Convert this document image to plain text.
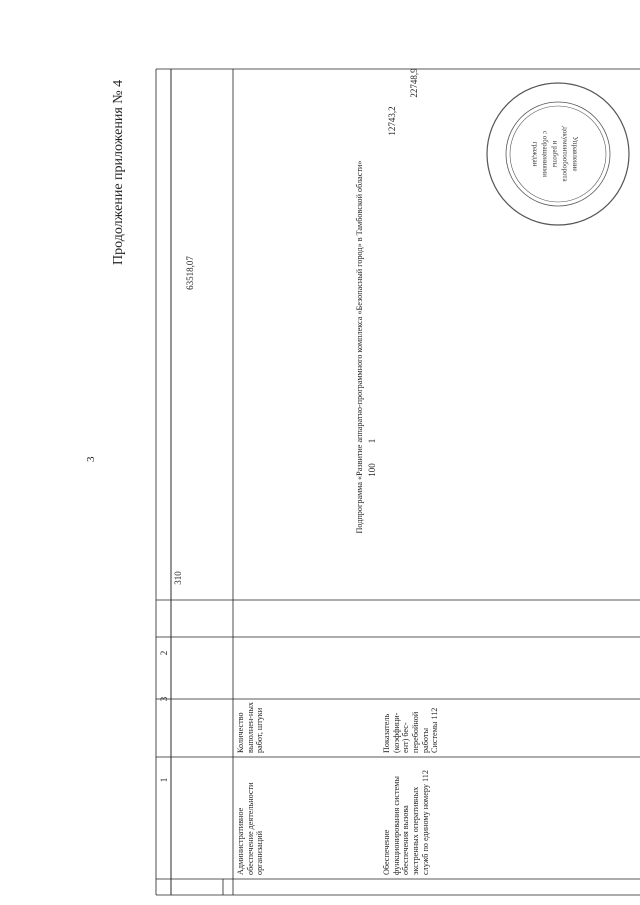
Продолжение приложения № 4
3
1
2
3
Административное обеспечение деятельности организаций
Количество выполнен-ных работ, штуки
310
63518,07	Подпрограмма «Развитие аппаратно-программного комплекса «Безопасный город» в Тамбовской области»
Обеспечение функционирования системы обеспечения вызова экстренных оперативных служб по единому номеру 112
Показатель (коэффици-ент) бес-перебойной работы Системы 112
100
1
12743,2
22748,9
Управление
документооборота
и работы
с обращениями
граждан
